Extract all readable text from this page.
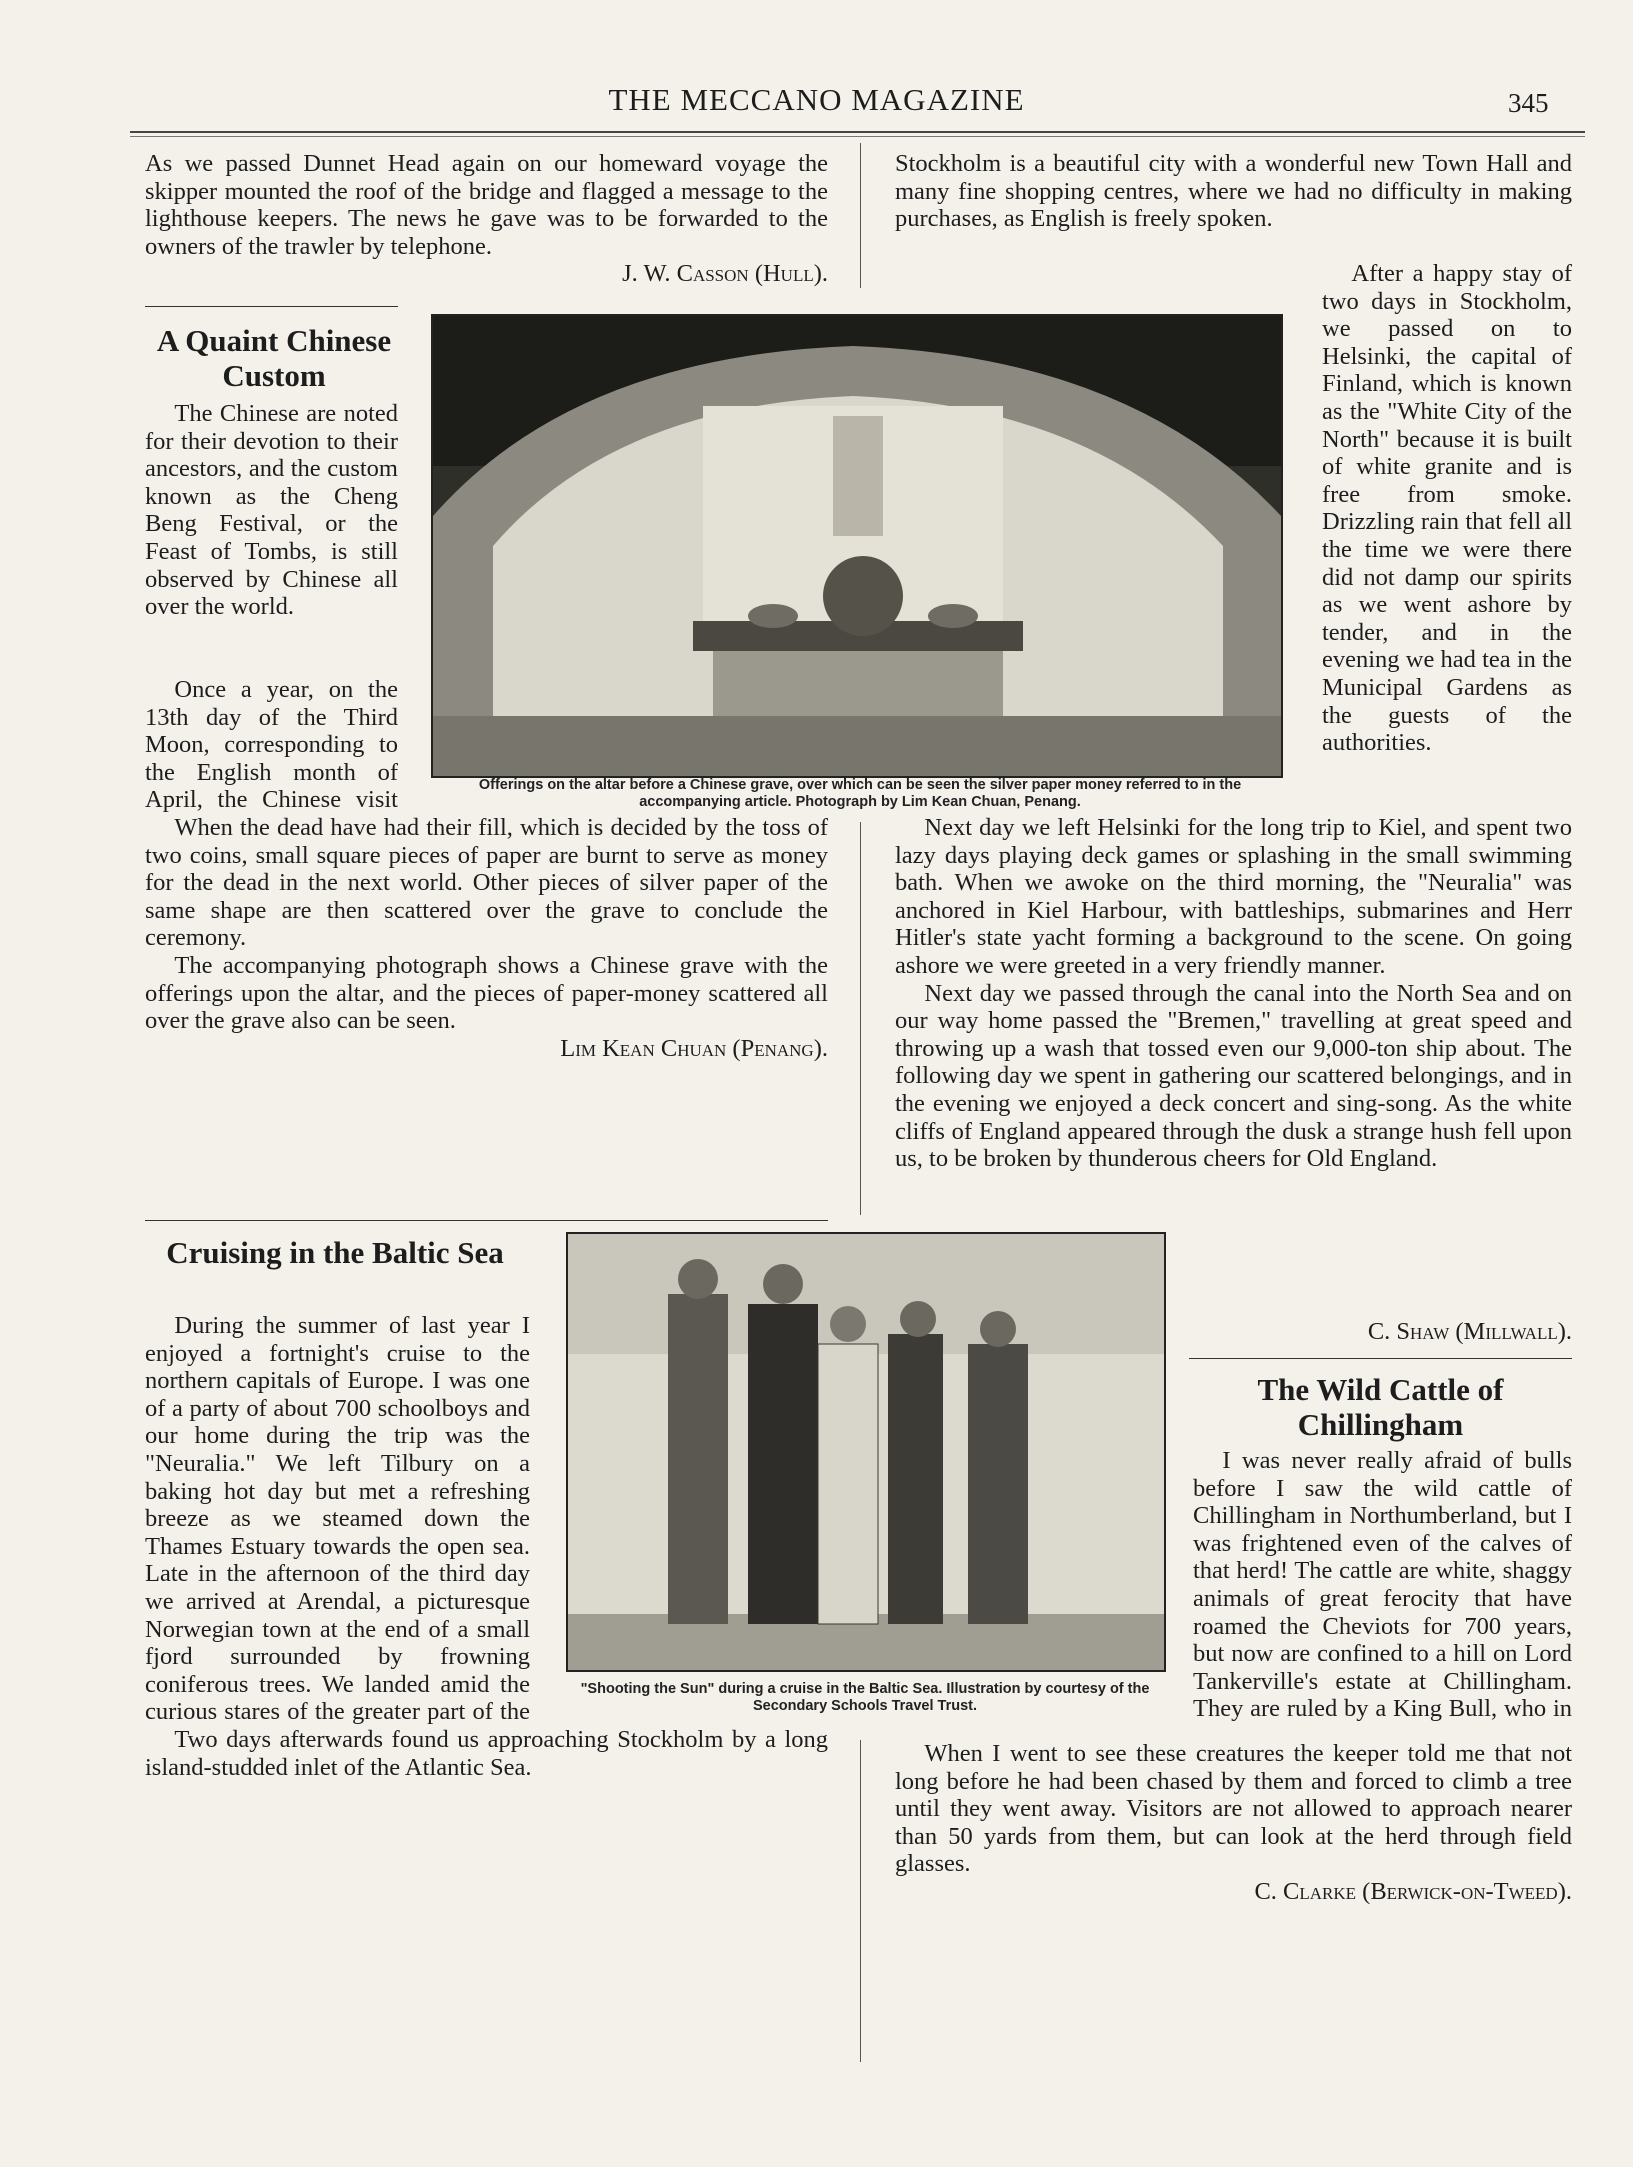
THE MECCANO MAGAZINE	345

As we passed Dunnet Head again on our homeward voyage the skipper mounted the roof of the bridge and flagged a message to the lighthouse keepers. The news he gave was to be forwarded to the owners of the trawler by telephone.

J. W. Casson (Hull).
A Quaint Chinese Custom

The Chinese are noted for their devotion to their ancestors, and the custom known as the Cheng Beng Festival, or the Feast of Tombs, is still observed by Chinese all over the world.

Offerings on the altar before a Chinese grave, over which can be seen the silver paper money referred to in the accompanying article. Photograph by Lim Kean Chuan, Penang.

Once a year, on the 13th day of the Third Moon, corresponding to the English month of April, the Chinese visit

When the dead have had their fill, which is decided by the toss of two coins, small square pieces of paper are burnt to serve as money for the dead in the next world. Other pieces of silver paper of the same shape are then scattered over the grave to conclude the ceremony.

The accompanying photograph shows a Chinese grave with the offerings upon the altar, and the pieces of paper-money scattered all over the grave also can be seen.

Lim Kean Chuan (Penang).

Stockholm is a beautiful city with a wonderful new Town Hall and many fine shopping centres, where we had no difficulty in making purchases, as English is freely spoken.

After a happy stay of two days in Stockholm, we passed on to Helsinki, the capital of Finland, which is known as the "White City of the North" because it is built of white granite and is free from smoke. Drizzling rain that fell all the time we were there did not damp our spirits as we went ashore by tender, and in the evening we had tea in the Municipal Gardens as the guests of the authorities.

Next day we left Helsinki for the long trip to Kiel, and spent two lazy days playing deck games or splashing in the small swimming bath. When we awoke on the third morning, the "Neuralia" was anchored in Kiel Harbour, with battleships, submarines and Herr Hitler's state yacht forming a background to the scene. On going ashore we were greeted in a very friendly manner.

Next day we passed through the canal into the North Sea and on our way home passed the "Bremen," travelling at great speed and throwing up a wash that tossed even our 9,000-ton ship about. The following day we spent in gathering our scattered belongings, and in the evening we enjoyed a deck concert and sing-song. As the white cliffs of England appeared through the dusk a strange hush fell upon us, to be broken by thunderous cheers for Old England.

C. Shaw (Millwall).
The Wild Cattle of Chillingham

I was never really afraid of bulls before I saw the wild cattle of Chillingham in Northumberland, but I was frightened even of the calves of that herd! The cattle are white, shaggy animals of great ferocity that have roamed the Cheviots for 700 years, but now are confined to a hill on Lord Tankerville's estate at Chillingham. They are ruled by a King Bull, who in

When I went to see these creatures the keeper told me that not long before he had been chased by them and forced to climb a tree until they went away. Visitors are not allowed to approach nearer than 50 yards from them, but can look at the herd through field glasses.

C. Clarke (Berwick-on-Tweed).
Cruising in the Baltic Sea

During the summer of last year I enjoyed a fortnight's cruise to the northern capitals of Europe. I was one of a party of about 700 schoolboys and our home during the trip was the "Neuralia." We left Tilbury on a baking hot day but met a refreshing breeze as we steamed down the Thames Estuary towards the open sea. Late in the afternoon of the third day we arrived at Arendal, a picturesque Norwegian town at the end of a small fjord surrounded by frowning coniferous trees. We landed amid the curious stares of the greater part of the

"Shooting the Sun" during a cruise in the Baltic Sea. Illustration by courtesy of the Secondary Schools Travel Trust.

Two days afterwards found us approaching Stockholm by a long island-studded inlet of the Atlantic Sea.
